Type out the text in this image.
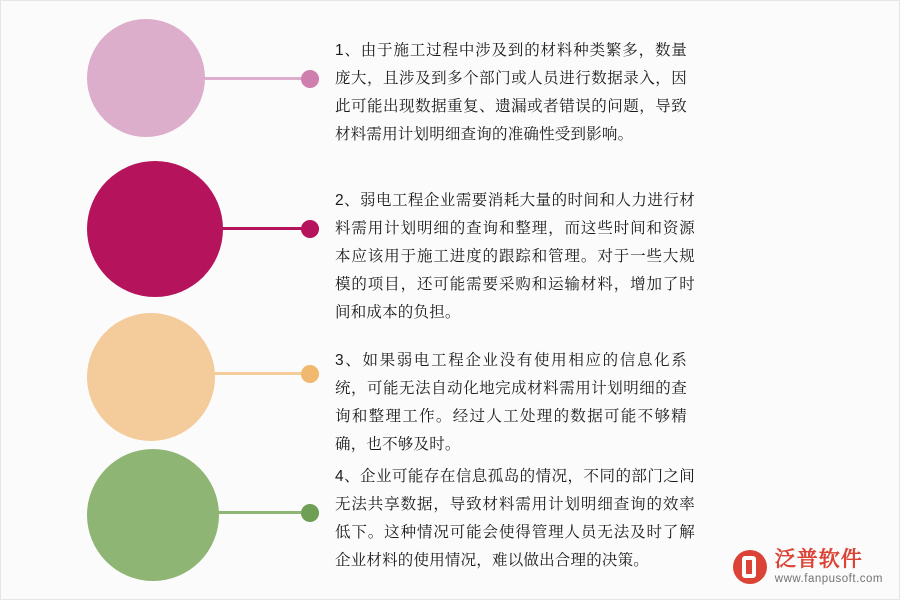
1、由于施工过程中涉及到的材料种类繁多，数量庞大，且涉及到多个部门或人员进行数据录入，因此可能出现数据重复、遗漏或者错误的问题，导致材料需用计划明细查询的准确性受到影响。
2、弱电工程企业需要消耗大量的时间和人力进行材料需用计划明细的查询和整理，而这些时间和资源本应该用于施工进度的跟踪和管理。对于一些大规模的项目，还可能需要采购和运输材料，增加了时间和成本的负担。
3、如果弱电工程企业没有使用相应的信息化系统，可能无法自动化地完成材料需用计划明细的查询和整理工作。经过人工处理的数据可能不够精确，也不够及时。
4、企业可能存在信息孤岛的情况，不同的部门之间无法共享数据，导致材料需用计划明细查询的效率低下。这种情况可能会使得管理人员无法及时了解企业材料的使用情况，难以做出合理的决策。	泛普软件
www.fanpusoft.com
